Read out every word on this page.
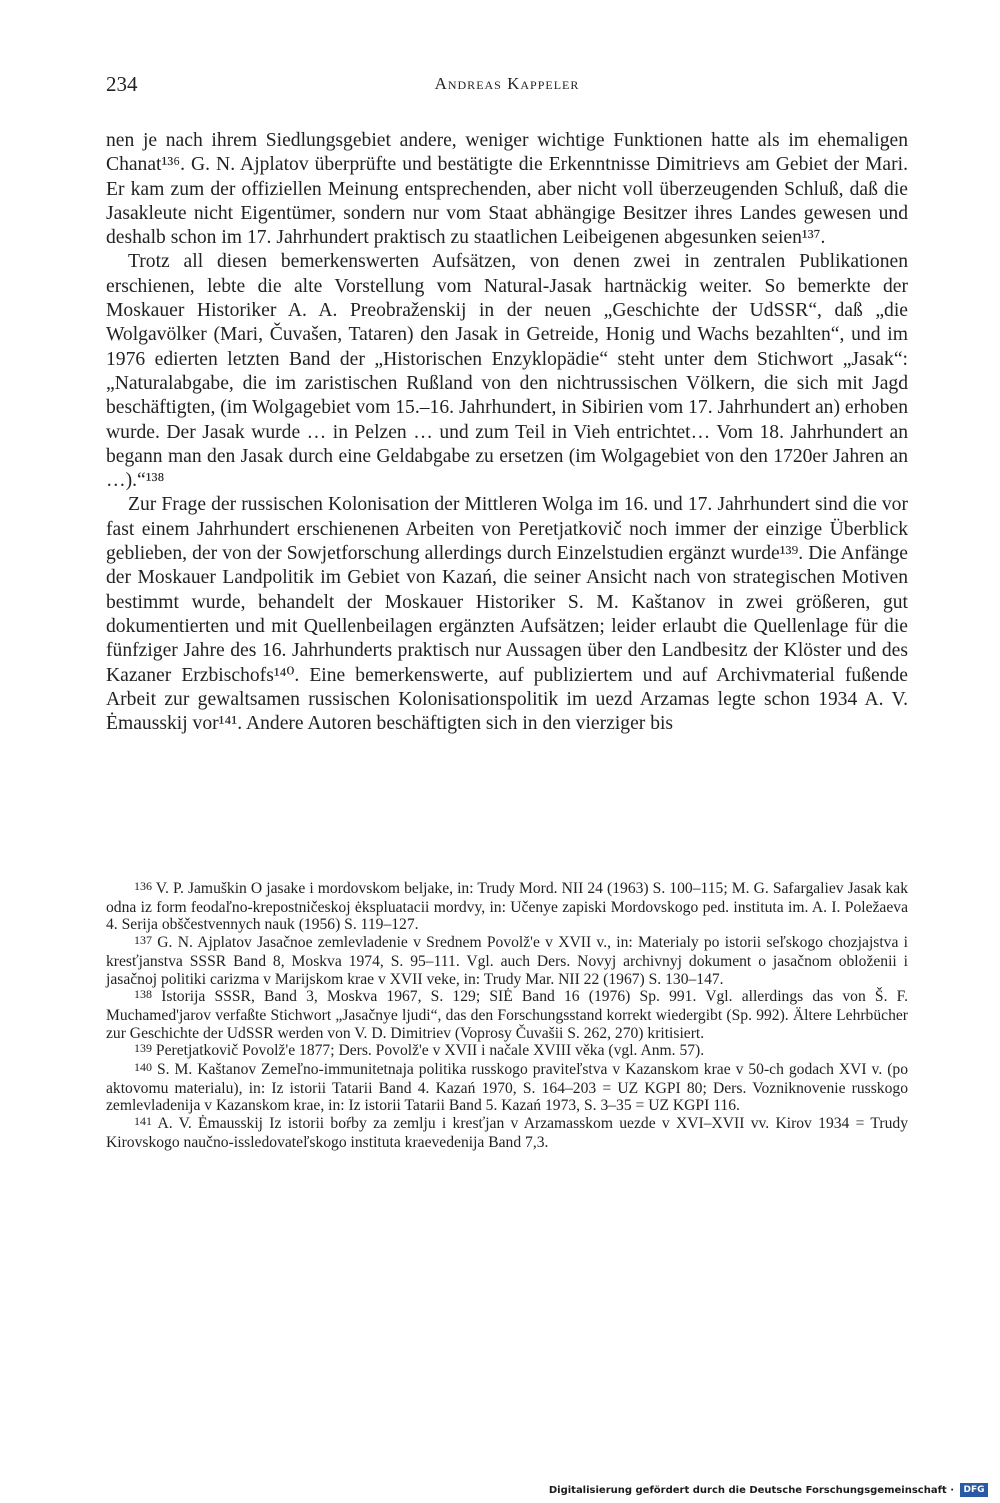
234	Andreas Kappeler

nen je nach ihrem Siedlungsgebiet andere, weniger wichtige Funktionen hatte als im ehemaligen Chanat¹³⁶. G. N. Ajplatov überprüfte und bestätigte die Erkenntnisse Dimitrievs am Gebiet der Mari. Er kam zum der offiziellen Meinung entsprechenden, aber nicht voll überzeugenden Schluß, daß die Jasakleute nicht Eigentümer, sondern nur vom Staat abhängige Besitzer ihres Landes gewesen und deshalb schon im 17. Jahrhundert praktisch zu staatlichen Leibeigenen abgesunken seien¹³⁷.

Trotz all diesen bemerkenswerten Aufsätzen, von denen zwei in zentralen Publikationen erschienen, lebte die alte Vorstellung vom Natural-Jasak hartnäckig weiter. So bemerkte der Moskauer Historiker A. A. Preobraženskij in der neuen „Geschichte der UdSSR“, daß „die Wolgavölker (Mari, Čuvašen, Tataren) den Jasak in Getreide, Honig und Wachs bezahlten“, und im 1976 edierten letzten Band der „Historischen Enzyklopädie“ steht unter dem Stichwort „Jasak“: „Naturalabgabe, die im zaristischen Rußland von den nichtrussischen Völkern, die sich mit Jagd beschäftigten, (im Wolgagebiet vom 15.–16. Jahrhundert, in Sibirien vom 17. Jahrhundert an) erhoben wurde. Der Jasak wurde … in Pelzen … und zum Teil in Vieh entrichtet… Vom 18. Jahrhundert an begann man den Jasak durch eine Geldabgabe zu ersetzen (im Wolgagebiet von den 1720er Jahren an …).“¹³⁸

Zur Frage der russischen Kolonisation der Mittleren Wolga im 16. und 17. Jahrhundert sind die vor fast einem Jahrhundert erschienenen Arbeiten von Peretjatkovič noch immer der einzige Überblick geblieben, der von der Sowjetforschung allerdings durch Einzelstudien ergänzt wurde¹³⁹. Die Anfänge der Moskauer Landpolitik im Gebiet von Kazań, die seiner Ansicht nach von strategischen Motiven bestimmt wurde, behandelt der Moskauer Historiker S. M. Kaštanov in zwei größeren, gut dokumentierten und mit Quellenbeilagen ergänzten Aufsätzen; leider erlaubt die Quellenlage für die fünfziger Jahre des 16. Jahrhunderts praktisch nur Aussagen über den Landbesitz der Klöster und des Kazaner Erzbischofs¹⁴⁰. Eine bemerkenswerte, auf publiziertem und auf Archivmaterial fußende Arbeit zur gewaltsamen russischen Kolonisationspolitik im uezd Arzamas legte schon 1934 A. V. Ėmausskij vor¹⁴¹. Andere Autoren beschäftigten sich in den vierziger bis

136 V. P. Jamuškin O jasake i mordovskom beljake, in: Trudy Mord. NII 24 (1963) S. 100–115; M. G. Safargaliev Jasak kak odna iz form feodaľno-krepostničeskoj ėkspluatacii mordvy, in: Učenye zapiski Mordovskogo ped. instituta im. A. I. Poležaeva 4. Serija obščestvennych nauk (1956) S. 119–127.

137 G. N. Ajplatov Jasačnoe zemlevladenie v Srednem Povolž'e v XVII v., in: Materialy po istorii seľskogo chozjajstva i kresťjanstva SSSR Band 8, Moskva 1974, S. 95–111. Vgl. auch Ders. Novyj archivnyj dokument o jasačnom obloženii i jasačnoj politiki carizma v Marijskom krae v XVII veke, in: Trudy Mar. NII 22 (1967) S. 130–147.

138 Istorija SSSR, Band 3, Moskva 1967, S. 129; SIĖ Band 16 (1976) Sp. 991. Vgl. allerdings das von Š. F. Muchamed'jarov verfaßte Stichwort „Jasačnye ljudi“, das den Forschungsstand korrekt wiedergibt (Sp. 992). Ältere Lehrbücher zur Geschichte der UdSSR werden von V. D. Dimitriev (Voprosy Čuvašii S. 262, 270) kritisiert.

139 Peretjatkovič Povolž'e 1877; Ders. Povolž'e v XVII i načale XVIII věka (vgl. Anm. 57).

140 S. M. Kaštanov Zemeľno-immunitetnaja politika russkogo praviteľstva v Kazanskom krae v 50-ch godach XVI v. (po aktovomu materialu), in: Iz istorii Tatarii Band 4. Kazań 1970, S. 164–203 = UZ KGPI 80; Ders. Vozniknovenie russkogo zemlevladenija v Kazanskom krae, in: Iz istorii Tatarii Band 5. Kazań 1973, S. 3–35 = UZ KGPI 116.

141 A. V. Ėmausskij Iz istorii boŕby za zemlju i kresťjan v Arzamasskom uezde v XVI–XVII vv. Kirov 1934 = Trudy Kirovskogo naučno-issledovateľskogo instituta kraevedenija Band 7,3.

Digitalisierung gefördert durch die Deutsche Forschungsgemeinschaft ·	DFG
